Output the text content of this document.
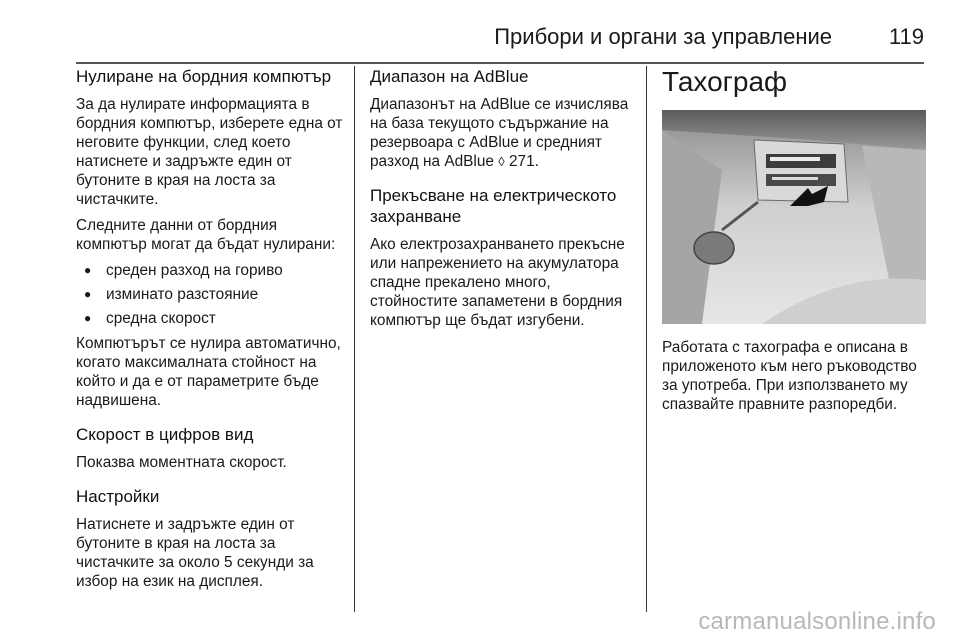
Прибори и органи за управление	119
Нулиране на бордния компютър

За да нулирате информацията в бордния компютър, изберете една от неговите функции, след което натиснете и задръжте един от бутоните в края на лоста за чистачките.

Следните данни от бордния компютър могат да бъдат нулирани:

● среден разход на гориво
● изминато разстояние
● средна скорост

Компютърът се нулира автоматично, когато максималната стойност на който и да е от параметрите бъде надвишена.

Скорост в цифров вид

Показва моментната скорост.

Настройки

Натиснете и задръжте един от бутоните в края на лоста за чистачките за около 5 секунди за избор на език на дисплея.

Диапазон на AdBlue

Диапазонът на AdBlue се изчислява на база текущото съдържание на резервоара с AdBlue и средният разход на AdBlue ◊ 271.

Прекъсване на електрическото захранване

Ако електрозахранването прекъсне или напрежението на акумулатора спадне прекалено много, стойностите запаметени в бордния компютър ще бъдат изгубени.

Тахограф

Работата с тахографа е описана в приложеното към него ръководство за употреба. При използването му спазвайте правните разпоредби.

carmanualsonline.info
